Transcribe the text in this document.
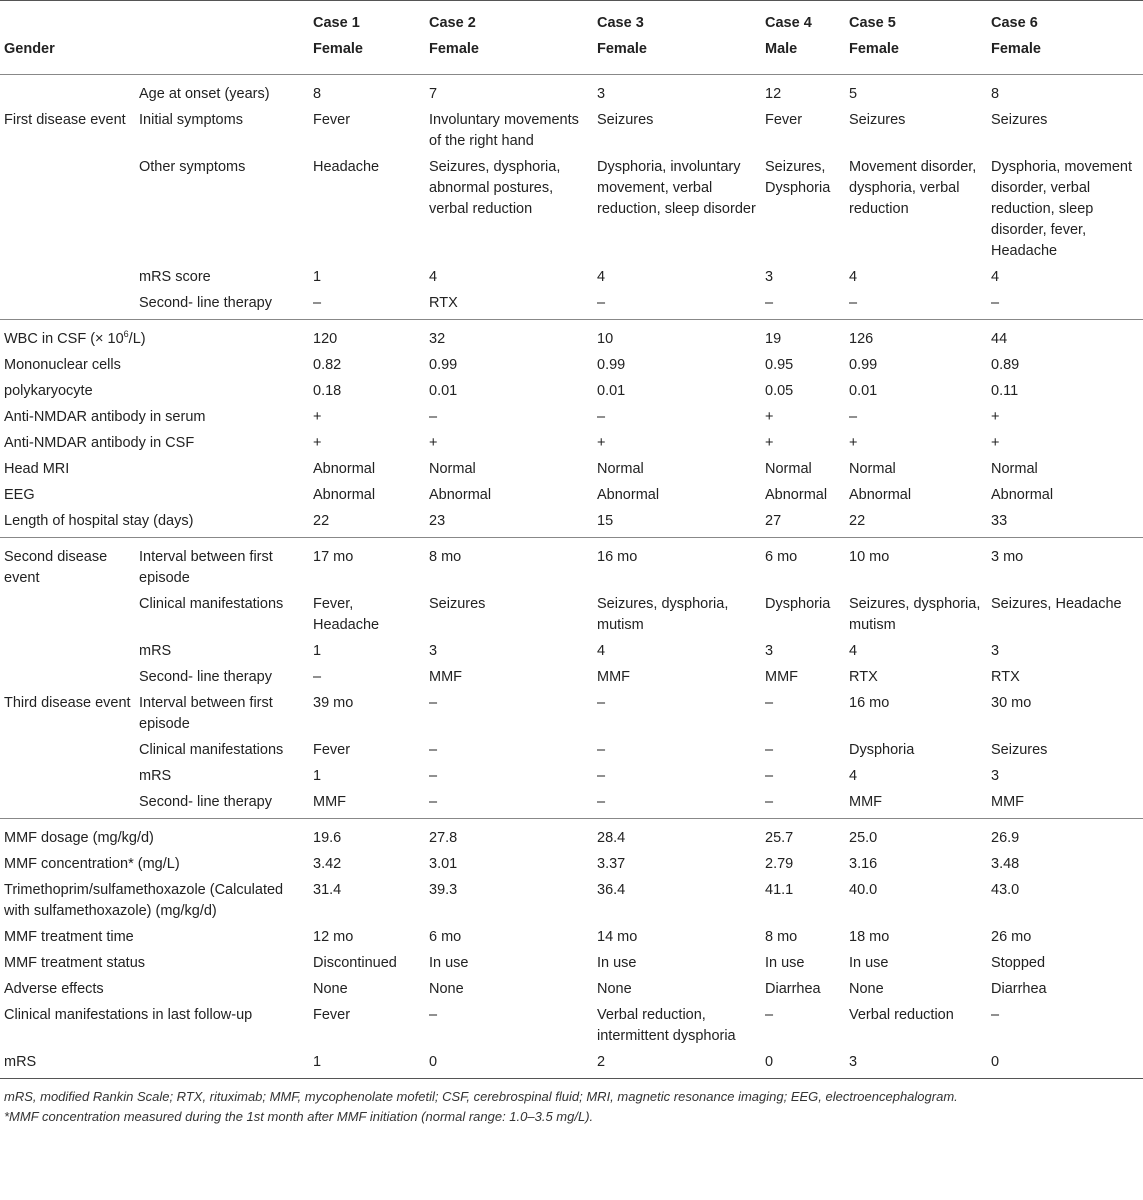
		Case 1	Case 2	Case 3	Case 4	Case 5	Case 6
Gender		Female	Female	Female	Male	Female	Female
	Age at onset (years)	8	7	3	12	5	8
First disease event	Initial symptoms	Fever	Involuntary movements of the right hand	Seizures	Fever	Seizures	Seizures
	Other symptoms	Headache	Seizures, dysphoria, abnormal postures, verbal reduction	Dysphoria, involuntary movement, verbal reduction, sleep disorder	Seizures, Dysphoria	Movement disorder, dysphoria, verbal reduction	Dysphoria, movement disorder, verbal reduction, sleep disorder, fever, Headache
	mRS score	1	4	4	3	4	4
	Second- line therapy	–	RTX	–	–	–	–
WBC in CSF (× $10^6/L$)		120	32	10	19	126	44
Mononuclear cells		0.82	0.99	0.99	0.95	0.99	0.89
polykaryocyte		0.18	0.01	0.01	0.05	0.01	0.11
Anti-NMDAR antibody in serum		+	–	–	+	–	+
Anti-NMDAR antibody in CSF		+	+	+	+	+	+
Head MRI		Abnormal	Normal	Normal	Normal	Normal	Normal
EEG		Abnormal	Abnormal	Abnormal	Abnormal	Abnormal	Abnormal
Length of hospital stay (days)		22	23	15	27	22	33
Second disease event	Interval between first episode	17 mo	8 mo	16 mo	6 mo	10 mo	3 mo
	Clinical manifestations	Fever, Headache	Seizures	Seizures, dysphoria, mutism	Dysphoria	Seizures, dysphoria, mutism	Seizures, Headache
	mRS	1	3	4	3	4	3
	Second- line therapy	–	MMF	MMF	MMF	RTX	RTX
Third disease event	Interval between first episode	39 mo	–	–	–	16 mo	30 mo
	Clinical manifestations	Fever	–	–	–	Dysphoria	Seizures
	mRS	1	–	–	–	4	3
	Second- line therapy	MMF	–	–	–	MMF	MMF
MMF dosage (mg/kg/d)		19.6	27.8	28.4	25.7	25.0	26.9
MMF concentration* (mg/L)		3.42	3.01	3.37	2.79	3.16	3.48
Trimethoprim/sulfamethoxazole (Calculated with sulfamethoxazole) (mg/kg/d)		31.4	39.3	36.4	41.1	40.0	43.0
MMF treatment time		12 mo	6 mo	14 mo	8 mo	18 mo	26 mo
MMF treatment status		Discontinued	In use	In use	In use	In use	Stopped
Adverse effects		None	None	None	Diarrhea	None	Diarrhea
Clinical manifestations in last follow-up		Fever	–	Verbal reduction, intermittent dysphoria	–	Verbal reduction	–
mRS		1	0	2	0	3	0
mRS, modified Rankin Scale; RTX, rituximab; MMF, mycophenolate mofetil; CSF, cerebrospinal fluid; MRI, magnetic resonance imaging; EEG, electroencephalogram.
*MMF concentration measured during the 1st month after MMF initiation (normal range: 1.0–3.5 mg/L).
